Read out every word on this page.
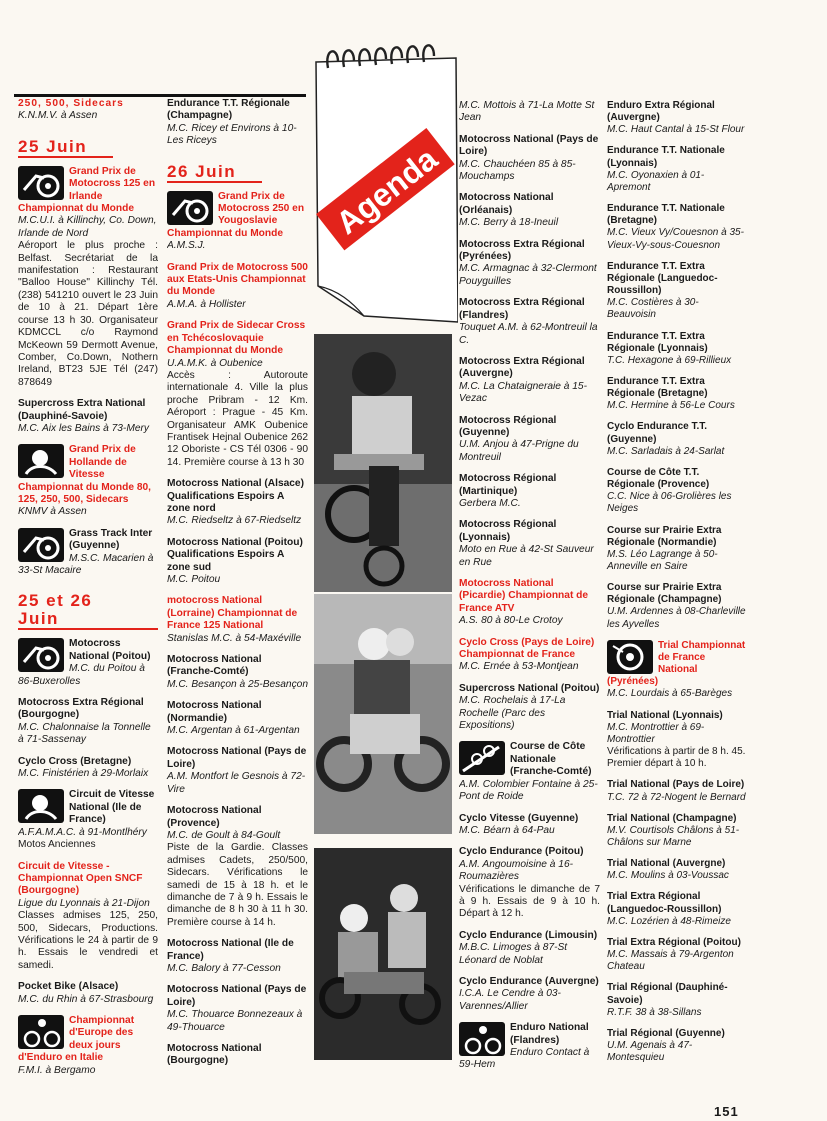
Agenda
250, 500, Sidecars
K.N.M.V. à Assen
25 Juin
Grand Prix de Motocross 125 en Irlande Championnat du Monde
M.C.U.I. à Killinchy, Co. Down, Irlande de Nord
Aéroport le plus proche : Belfast. Secrétariat de la manifestation : Restaurant "Balloo House" Killinchy Tél. (238) 541210 ouvert le 23 Juin de 10 à 21. Départ 1ère course 13 h 30. Organisateur KDMCCL c/o Raymond McKeown 59 Dermott Avenue, Comber, Co.Down, Nothern Ireland, BT23 5JE Tél (247) 878649
Supercross Extra National (Dauphiné-Savoie)
M.C. Aix les Bains à 73-Mery
Grand Prix de Hollande de Vitesse Championnat du Monde 80, 125, 250, 500, Sidecars
KNMV à Assen
Grass Track Inter (Guyenne)
M.S.C. Macarien à 33-St Macaire
25 et 26 Juin
Motocross National (Poitou)
M.C. du Poitou à 86-Buxerolles
Motocross Extra Régional (Bourgogne)
M.C. Chalonnaise la Tonnelle à 71-Sassenay
Cyclo Cross (Bretagne)
M.C. Finistérien à 29-Morlaix
Circuit de Vitesse National (Ile de France)
A.F.A.M.A.C. à 91-Montlhéry
Motos Anciennes
Circuit de Vitesse - Championnat Open SNCF (Bourgogne)
Ligue du Lyonnais à 21-Dijon
Classes admises 125, 250, 500, Sidecars, Productions. Vérifications le 24 à partir de 9 h. Essais le vendredi et samedi.
Pocket Bike (Alsace)
M.C. du Rhin à 67-Strasbourg
Championnat d'Europe des deux jours d'Enduro en Italie
F.M.I. à Bergamo
Endurance T.T. Régionale (Champagne)
M.C. Ricey et Environs à 10-Les Riceys
26 Juin
Grand Prix de Motocross 250 en Yougoslavie Championnat du Monde
A.M.S.J.
Grand Prix de Motocross 500 aux Etats-Unis Championnat du Monde
A.M.A. à Hollister
Grand Prix de Sidecar Cross en Tchécoslovaquie Championnat du Monde
U.A.M.K. à Oubenice
Accès : Autoroute internationale 4. Ville la plus proche Pribram - 12 Km. Aéroport : Prague - 45 Km. Organisateur AMK Oubenice Frantisek Hejnal Oubenice 262 12 Oboriste - CS Tél 0306 - 90 14. Première course à 13 h 30
Motocross National (Alsace) Qualifications Espoirs A zone nord
M.C. Riedseltz à 67-Riedseltz
Motocross National (Poitou) Qualifications Espoirs A zone sud
M.C. Poitou
motocross National (Lorraine) Championnat de France 125 National
Stanislas M.C. à 54-Maxéville
Motocross National (Franche-Comté)
M.C. Besançon à 25-Besançon
Motocross National (Normandie)
M.C. Argentan à 61-Argentan
Motocross National (Pays de Loire)
A.M. Montfort le Gesnois à 72-Vire
Motocross National (Provence)
M.C. de Goult à 84-Goult
Piste de la Gardie. Classes admises Cadets, 250/500, Sidecars. Vérifications le samedi de 15 à 18 h. et le dimanche de 7 à 9 h. Essais le dimanche de 8 h 30 à 11 h 30. Première course à 14 h.
Motocross National (Ile de France)
M.C. Balory à 77-Cesson
Motocross National (Pays de Loire)
M.C. Thouarce Bonnezeaux à 49-Thouarce
Motocross National (Bourgogne)
M.C. Mottois à 71-La Motte St Jean
Motocross National (Pays de Loire)
M.C. Chauchéen 85 à 85-Mouchamps
Motocross National (Orléanais)
M.C. Berry à 18-Ineuil
Motocross Extra Régional (Pyrénées)
M.C. Armagnac à 32-Clermont Pouyguilles
Motocross Extra Régional (Flandres)
Touquet A.M. à 62-Montreuil la C.
Motocross Extra Régional (Auvergne)
M.C. La Chataigneraie à 15-Vezac
Motocross Régional (Guyenne)
U.M. Anjou à 47-Prigne du Montreuil
Motocross Régional (Martinique)
Gerbera M.C.
Motocross Régional (Lyonnais)
Moto en Rue à 42-St Sauveur en Rue
Motocross National (Picardie) Championnat de France ATV
A.S. 80 à 80-Le Crotoy
Cyclo Cross (Pays de Loire) Championnat de France
M.C. Ernée à 53-Montjean
Supercross National (Poitou)
M.C. Rochelais à 17-La Rochelle (Parc des Expositions)
Course de Côte Nationale (Franche-Comté)
A.M. Colombier Fontaine à 25-Pont de Roide
Cyclo Vitesse (Guyenne)
M.C. Béarn à 64-Pau
Cyclo Endurance (Poitou)
A.M. Angoumoisine à 16-Roumazières
Vérifications le dimanche de 7 à 9 h. Essais de 9 à 10 h. Départ à 12 h.
Cyclo Endurance (Limousin)
M.B.C. Limoges à 87-St Léonard de Noblat
Cyclo Endurance (Auvergne)
I.C.A. Le Cendre à 03-Varennes/Allier
Enduro National (Flandres)
Enduro Contact à 59-Hem
Enduro Extra Régional (Auvergne)
M.C. Haut Cantal à 15-St Flour
Endurance T.T. Nationale (Lyonnais)
M.C. Oyonaxien à 01-Apremont
Endurance T.T. Nationale (Bretagne)
M.C. Vieux Vy/Couesnon à 35-Vieux-Vy-sous-Couesnon
Endurance T.T. Extra Régionale (Languedoc-Roussillon)
M.C. Costières à 30-Beauvoisin
Endurance T.T. Extra Régionale (Lyonnais)
T.C. Hexagone à 69-Rillieux
Endurance T.T. Extra Régionale (Bretagne)
M.C. Hermine à 56-Le Cours
Cyclo Endurance T.T. (Guyenne)
M.C. Sarladais à 24-Sarlat
Course de Côte T.T. Régionale (Provence)
C.C. Nice à 06-Grolières les Neiges
Course sur Prairie Extra Régionale (Normandie)
M.S. Léo Lagrange à 50-Anneville en Saire
Course sur Prairie Extra Régionale (Champagne)
U.M. Ardennes à 08-Charleville les Ayvelles
Trial Championnat de France National (Pyrénées)
M.C. Lourdais à 65-Barèges
Trial National (Lyonnais)
M.C. Montrottier à 69-Montrottier
Vérifications à partir de 8 h. 45. Premier départ à 10 h.
Trial National (Pays de Loire)
T.C. 72 à 72-Nogent le Bernard
Trial National (Champagne)
M.V. Courtisols Châlons à 51-Châlons sur Marne
Trial National (Auvergne)
M.C. Moulins à 03-Voussac
Trial Extra Régional (Languedoc-Roussillon)
M.C. Lozérien à 48-Rimeize
Trial Extra Régional (Poitou)
M.C. Massais à 79-Argenton Chateau
Trial Régional (Dauphiné-Savoie)
R.T.F. 38 à 38-Sillans
Trial Régional (Guyenne)
U.M. Agenais à 47-Montesquieu
151
